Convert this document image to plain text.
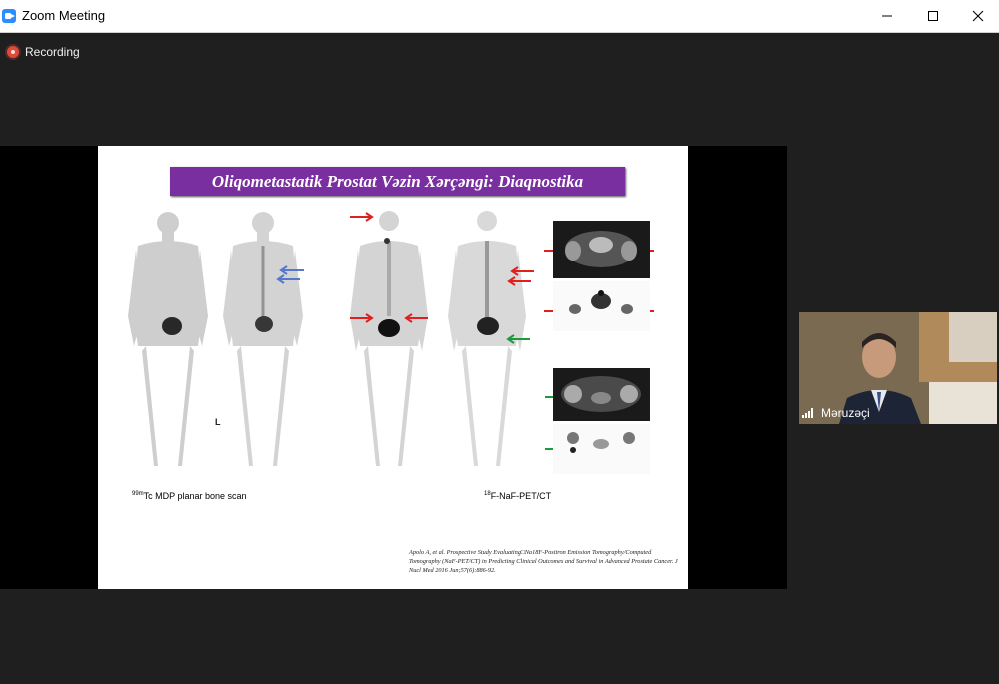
Zoom Meeting
Recording
Oliqometastatik Prostat Vəzin Xərçəngi: Diaqnostika
L
$^{99m}$Tc MDP planar bone scan	$^{18}$F-NaF-PET/CT
Apolo A, et al. Prospective Study Evaluating□Na18F-Positron Emission Tomography/Computed Tomography (NaF-PET/CT) in Predicting Clinical Outcomes and Survival in Advanced Prostate Cancer. J Nucl Med 2016 Jun;57(6):886-92.
Məruzəçi
